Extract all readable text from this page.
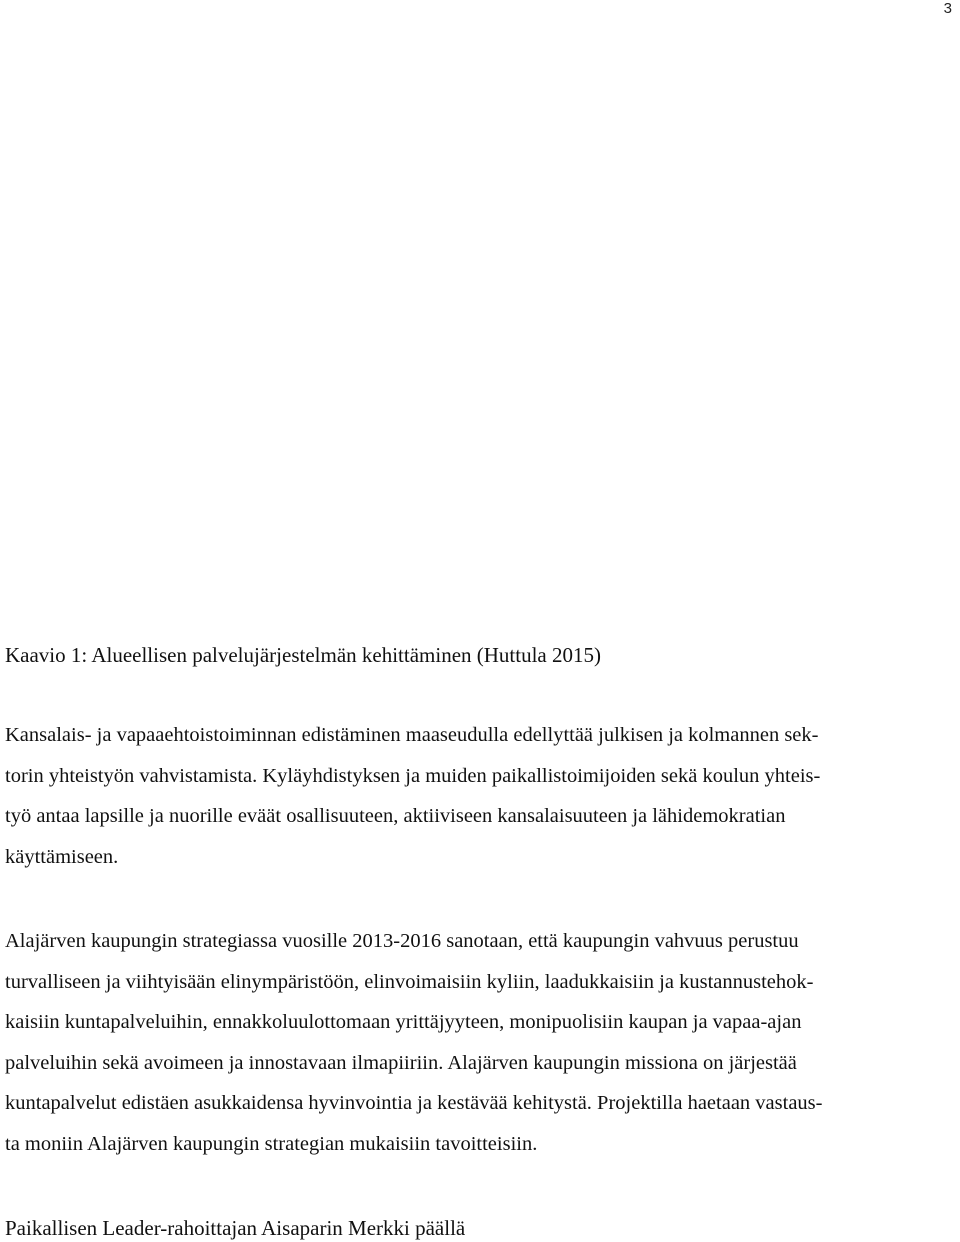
3
Kaavio 1: Alueellisen palvelujärjestelmän kehittäminen (Huttula 2015)
Kansalais- ja vapaaehtoistoiminnan edistäminen maaseudulla edellyttää julkisen ja kolmannen sek-
torin yhteistyön vahvistamista. Kyläyhdistyksen ja muiden paikallistoimijoiden sekä koulun yhteis-
työ antaa lapsille ja nuorille eväät osallisuuteen, aktiiviseen kansalaisuuteen ja lähidemokratian
käyttämiseen.
Alajärven kaupungin strategiassa vuosille 2013-2016 sanotaan, että kaupungin vahvuus perustuu
turvalliseen ja viihtyisään elinympäristöön, elinvoimaisiin kyliin, laadukkaisiin ja kustannustehok-
kaisiin kuntapalveluihin, ennakkoluulottomaan yrittäjyyteen, monipuolisiin kaupan ja vapaa-ajan
palveluihin sekä avoimeen ja innostavaan ilmapiiriin. Alajärven kaupungin missiona on järjestää
kuntapalvelut edistäen asukkaidensa hyvinvointia ja kestävää kehitystä. Projektilla haetaan vastaus-
ta moniin Alajärven kaupungin strategian mukaisiin tavoitteisiin.
Paikallisen Leader-rahoittajan Aisaparin Merkki päällä
